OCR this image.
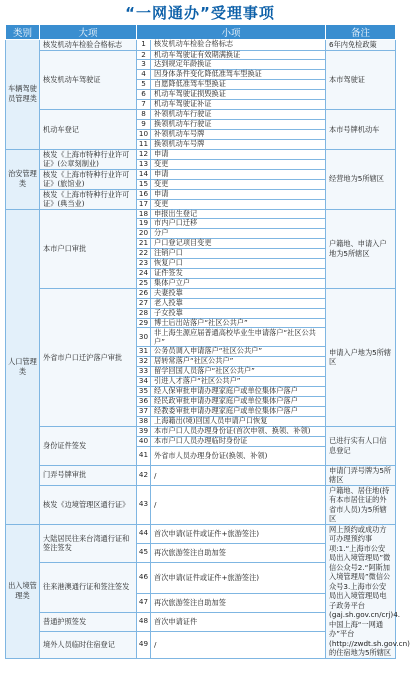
“一网通办”受理事项
类别	大项	小项		备注
车辆驾驶员管理类	核发机动车检验合格标志	1	核发机动车检验合格标志	6年内免检政策
	核发机动车驾驶证	2	机动车驾驶证有效期满换证	本市驾驶证
		3	达到规定年龄换证	
		4	因身体条件变化降低准驾车型换证	
		5	自愿降低准驾车型换证	
		6	机动车驾驶证损毁换证	
		7	机动车驾驶证补证	
	机动车登记	8	补领机动车行驶证	本市号牌机动车
		9	换领机动车行驶证	
		10	补领机动车号牌	
		11	换领机动车号牌	
治安管理类	核发《上海市特种行业许可证》(公章刻制业)	12	申请	经营地为5所辖区
		13	变更	
	核发《上海市特种行业许可证》(旅馆业)	14	申请	
		15	变更	
	核发《上海市特种行业许可证》(典当业)	16	申请	
		17	变更	
人口管理类	本市户口审批	18	申报出生登记	户籍地、申请入户地为5所辖区
		19	市内户口迁移	
		20	分户	
		21	户口登记项目变更	
		22	注销户口	
		23	恢复户口	
		24	证件签发	
		25	集体户立户	
	外省市户口迁沪落户审批	26	夫妻投靠	申请入户地为5所辖区
		27	老人投靠	
		28	子女投靠	
		29	博士后出站落户“社区公共户”	
		30	非上海生源应届普通高校毕业生申请落户“社区公共户”	
		31	公务员调入申请落户“社区公共户”	
		32	居转常落户“社区公共户”	
		33	留学回国人员落户“社区公共户”	
		34	引进人才落户“社区公共户”	
		35	经人保审批申请办理家庭户或单位集体户落户	
		36	经民政审批申请办理家庭户或单位集体户落户	
		37	经教委审批申请办理家庭户或单位集体户落户	
		38	上海籍出(境)回国人员申请户口恢复	
	身份证件签发	39	本市户口人员办理身份证(首次申领、换领、补领)	已进行实有人口信息登记
		40	本市户口人员办理临时身份证	
		41	外省市人员办理身份证(换领、补领)	
	门弄号牌审批	42	/	申请门弄号牌为5所辖区
	核发《边境管理区通行证》	43	/	户籍地、居住地(持有本市居住证的外省市人员)为5所辖区
出入境管理类	大陆居民往来台湾通行证和签注签发	44	首次申请(证件或证件+旅游签注)	网上预约或成功方可办理预约事项:1.“上海市公安局出入境管理局”微信公众号2.“阿斯加入境管理局”微信公众号3.上海市公安局出入境管理局电子政务平台(gaj.sh.gov.cn/crj)4.中国上海“一网通办”平台(http://zwdt.sh.gov.cn)的住宿地为5所辖区
		45	再次旅游签注自助加签	
	往来港澳通行证和签注签发	46	首次申请(证件或证件+旅游签注)	
		47	再次旅游签注自助加签	
	普通护照签发	48	首次申请证件	
	境外人员临时住宿登记	49	/	
